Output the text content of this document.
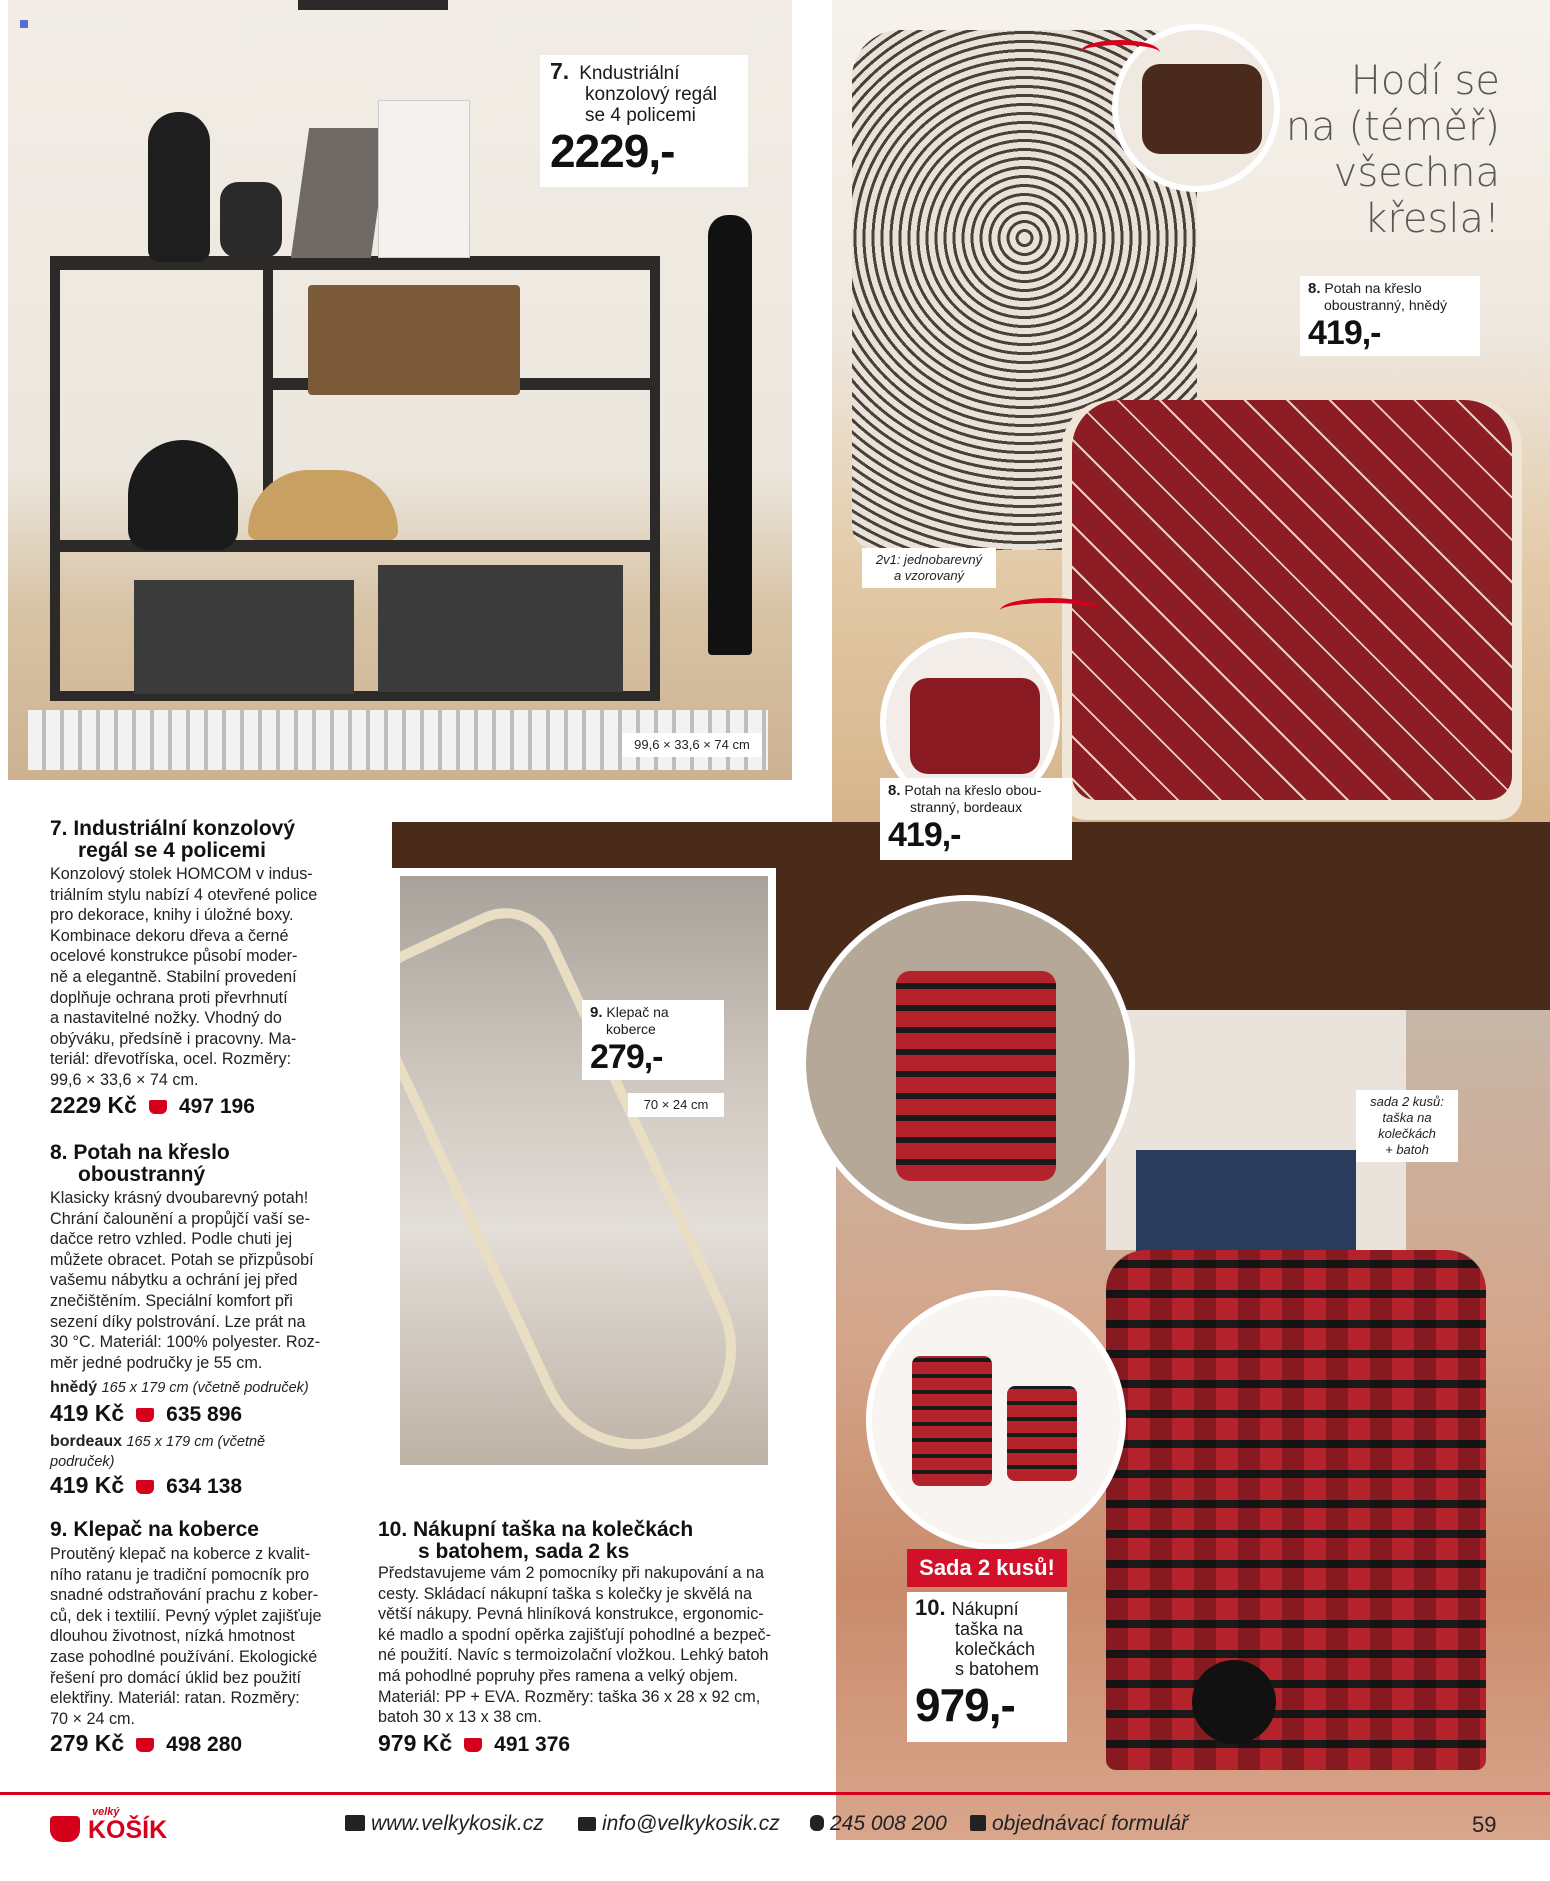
7. Kndustriální
konzolový regál
se 4 policemi
2229,-
99,6 × 33,6 × 74 cm
Hodí se
na (téměř)
všechna
křesla!
8. Potah na křeslo
oboustranný, hnědý
419,-
2v1: jednobarevný
a vzorovaný
8. Potah na křeslo obou-
stranný, bordeaux
419,-
9. Klepač na
koberce
279,-
70 × 24 cm	sada 2 kusů:
taška na
kolečkách
+ batoh
Sada 2 kusů!
10. Nákupní
taška na
kolečkách
s batohem
979,-
7. Industriální konzolový
regál se 4 policemi
Konzolový stolek HOMCOM v indus-
triálním stylu nabízí 4 otevřené police
pro dekorace, knihy i úložné boxy.
Kombinace dekoru dřeva a černé
ocelové konstrukce působí moder-
ně a elegantně. Stabilní provedení
doplňuje ochrana proti převrhnutí
a nastavitelné nožky. Vhodný do
obýváku, předsíně i pracovny. Ma-
teriál: dřevotříska, ocel. Rozměry:
99,6 × 33,6 × 74 cm.
2229 Kč 497 196
8. Potah na křeslo
oboustranný
Klasicky krásný dvoubarevný potah!
Chrání čalounění a propůjčí vaší se-
dačce retro vzhled. Podle chuti jej
můžete obracet. Potah se přizpůsobí
vašemu nábytku a ochrání jej před
znečištěním. Speciální komfort při
sezení díky polstrování. Lze prát na
30 °C. Materiál: 100% polyester. Roz-
měr jedné područky je 55 cm.
hnědý 165 x 179 cm (včetně područek)
419 Kč 635 896
bordeaux 165 x 179 cm (včetně
područek)
419 Kč 634 138
9. Klepač na koberce
Proutěný klepač na koberce z kvalit-
ního ratanu je tradiční pomocník pro
snadné odstraňování prachu z kober-
ců, dek i textilií. Pevný výplet zajišťuje
dlouhou životnost, nízká hmotnost
zase pohodlné používání. Ekologické
řešení pro domácí úklid bez použití
elektřiny. Materiál: ratan. Rozměry:
70 × 24 cm.
279 Kč 498 280
10. Nákupní taška na kolečkách
s batohem, sada 2 ks
Představujeme vám 2 pomocníky při nakupování a na
cesty. Skládací nákupní taška s kolečky je skvělá na
větší nákupy. Pevná hliníková konstrukce, ergonomic-
ké madlo a spodní opěrka zajišťují pohodlné a bezpeč-
né použití. Navíc s termoizolační vložkou. Lehký batoh
má pohodlné popruhy přes ramena a velký objem.
Materiál: PP + EVA. Rozměry: taška 36 x 28 x 92 cm,
batoh 30 x 13 x 38 cm.
979 Kč 491 376
velký
KOŠÍK	www.velkykosik.cz	info@velkykosik.cz	245 008 200	objednávací formulář	59
